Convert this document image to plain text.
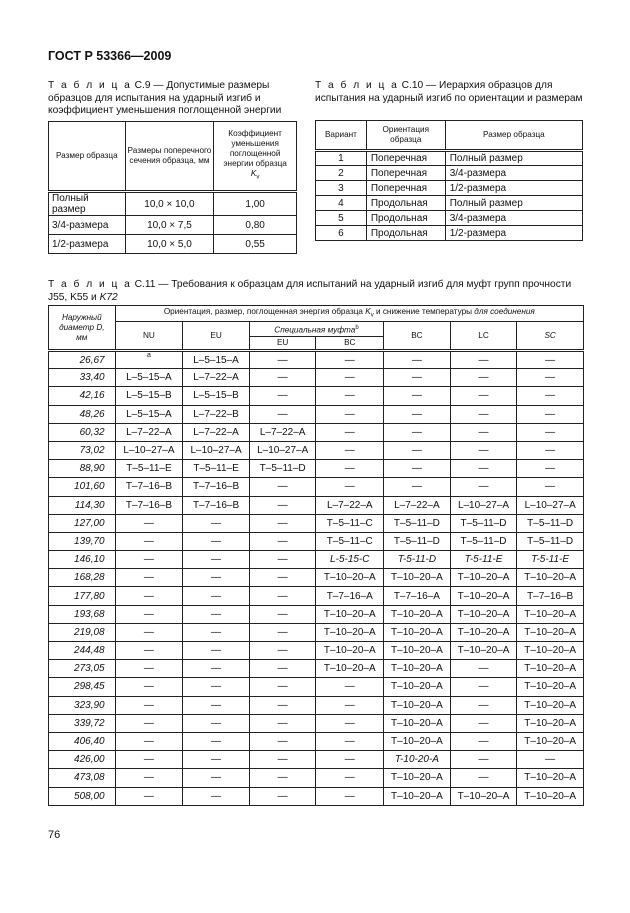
ГОСТ Р 53366—2009
Т а б л и ц а С.9 — Допустимые размеры образцов для испытания на ударный изгиб и коэффициент уменьшения поглощенной энергии
Размер образца	Размеры поперечного сечения образца, мм	Коэффициент уменьшения поглощенной энергии образца
$K_v$
Полный размер	10,0 × 10,0	1,00
3/4-размера	10,0 × 7,5	0,80
1/2-размера	10,0 × 5,0	0,55
Т а б л и ц а С.10 — Иерархия образцов для испытания на ударный изгиб по ориентации и размерам
Вариант	Ориентация образца	Размер образца
1	Поперечная	Полный размер
2	Поперечная	3/4-размера
3	Поперечная	1/2-размера
4	Продольная	Полный размер
5	Продольная	3/4-размера
6	Продольная	1/2-размера
Т а б л и ц а С.11 — Требования к образцам для испытаний на ударный изгиб для муфт групп прочности J55, K55 и K72
Наружный диаметр D, мм	Ориентация, размер, поглощенная энергия образца $K_v$ и снижение температуры для соединения						
	NU	EU	Специальная муфта$^b$		BC	LC	SC
			EU	BC			
26,67	a	L–5–15–A	—	—	—	—	—
33,40	L–5–15–A	L–7–22–A	—	—	—	—	—
42,16	L–5–15–B	L–5–15–B	—	—	—	—	—
48,26	L–5–15–A	L–7–22–B	—	—	—	—	—
60,32	L–7–22–A	L–7–22–A	L–7–22–A	—	—	—	—
73,02	L–10–27–A	L–10–27–A	L–10–27–A	—	—	—	—
88,90	T–5–11–E	T–5–11–E	T–5–11–D	—	—	—	—
101,60	T–7–16–B	T–7–16–B	—	—	—	—	—
114,30	T–7–16–B	T–7–16–B	—	L–7–22–A	L–7–22–A	L–10–27–A	L–10–27–A
127,00	—	—	—	T–5–11–C	T–5–11–D	T–5–11–D	T–5–11–D
139,70	—	—	—	T–5–11–C	T–5–11–D	T–5–11–D	T–5–11–D
146,10	—	—	—	L-5-15-C	T-5-11-D	T-5-11-E	T-5-11-E
168,28	—	—	—	T–10–20–A	T–10–20–A	T–10–20–A	T–10–20–A
177,80	—	—	—	T–7–16–A	T–7–16–A	T–10–20–A	T–7–16–B
193,68	—	—	—	T–10–20–A	T–10–20–A	T–10–20–A	T–10–20–A
219,08	—	—	—	T–10–20–A	T–10–20–A	T–10–20–A	T–10–20–A
244,48	—	—	—	T–10–20–A	T–10–20–A	T–10–20–A	T–10–20–A
273,05	—	—	—	T–10–20–A	T–10–20–A	—	T–10–20–A
298,45	—	—	—	—	T–10–20–A	—	T–10–20–A
323,90	—	—	—	—	T–10–20–A	—	T–10–20–A
339,72	—	—	—	—	T–10–20–A	—	T–10–20–A
406,40	—	—	—	—	T–10–20–A	—	T–10–20–A
426,00	—	—	—	—	T-10-20-A	—	—
473,08	—	—	—	—	T–10–20–A	—	T–10–20–A
508,00	—	—	—	—	T–10–20–A	T–10–20–A	T–10–20–A
76
